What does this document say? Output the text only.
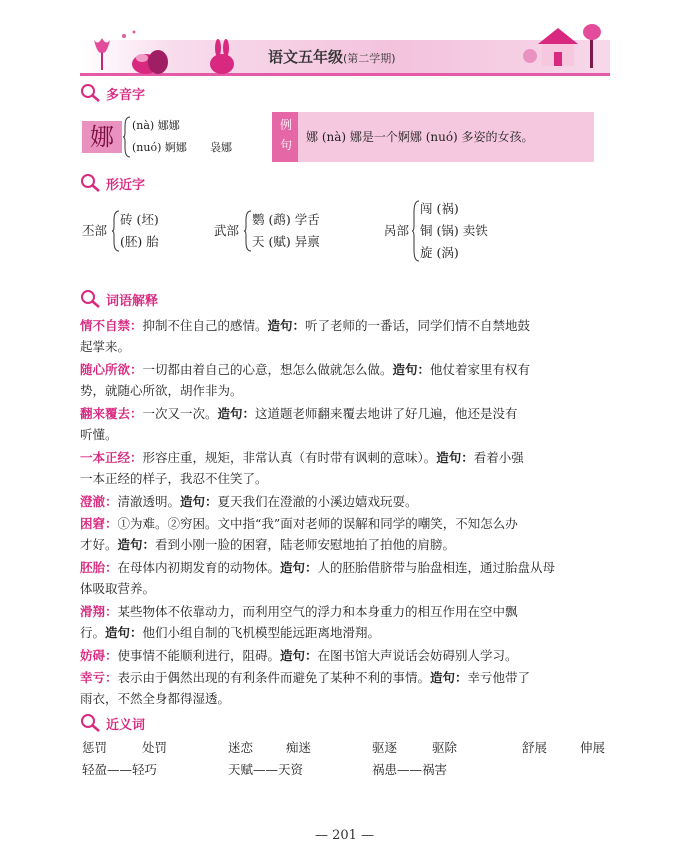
语文五年级(第二学期)
多音字
娜	(nà) 娜娜
(nuó) 婀娜 袅娜
例句
娜 (nà) 娜是一个婀娜 (nuó) 多姿的女孩。
形近字
丕部
砖 (坯)
(胚) 胎
武部
鹦 (鹉) 学舌
天 (赋) 异禀
呙部
闯 (祸)
铜 (锅) 卖铁
旋 (涡)
词语解释
情不自禁：抑制不住自己的感情。造句：听了老师的一番话，同学们情不自禁地鼓
起掌来。
随心所欲：一切都由着自己的心意，想怎么做就怎么做。造句：他仗着家里有权有
势，就随心所欲，胡作非为。
翻来覆去：一次又一次。造句：这道题老师翻来覆去地讲了好几遍，他还是没有
听懂。
一本正经：形容庄重，规矩，非常认真（有时带有讽刺的意味）。造句：看着小强
一本正经的样子，我忍不住笑了。
澄澈：清澈透明。造句：夏天我们在澄澈的小溪边嬉戏玩耍。
困窘：①为难。②穷困。文中指“我”面对老师的误解和同学的嘲笑，不知怎么办
才好。造句：看到小刚一脸的困窘，陆老师安慰地拍了拍他的肩膀。
胚胎：在母体内初期发育的动物体。造句：人的胚胎借脐带与胎盘相连，通过胎盘从母
体吸取营养。
滑翔：某些物体不依靠动力，而利用空气的浮力和本身重力的相互作用在空中飘
行。造句：他们小组自制的飞机模型能远距离地滑翔。
妨碍：使事情不能顺利进行，阻碍。造句：在图书馆大声说话会妨碍别人学习。
幸亏：表示由于偶然出现的有利条件而避免了某种不利的事情。造句：幸亏他带了
雨衣，不然全身都得湿透。
近义词
惩罚	处罚	迷恋	痴迷	驱逐	驱除	舒展	伸展
轻盈——轻巧	天赋——天资	祸患——祸害
— 201 —
